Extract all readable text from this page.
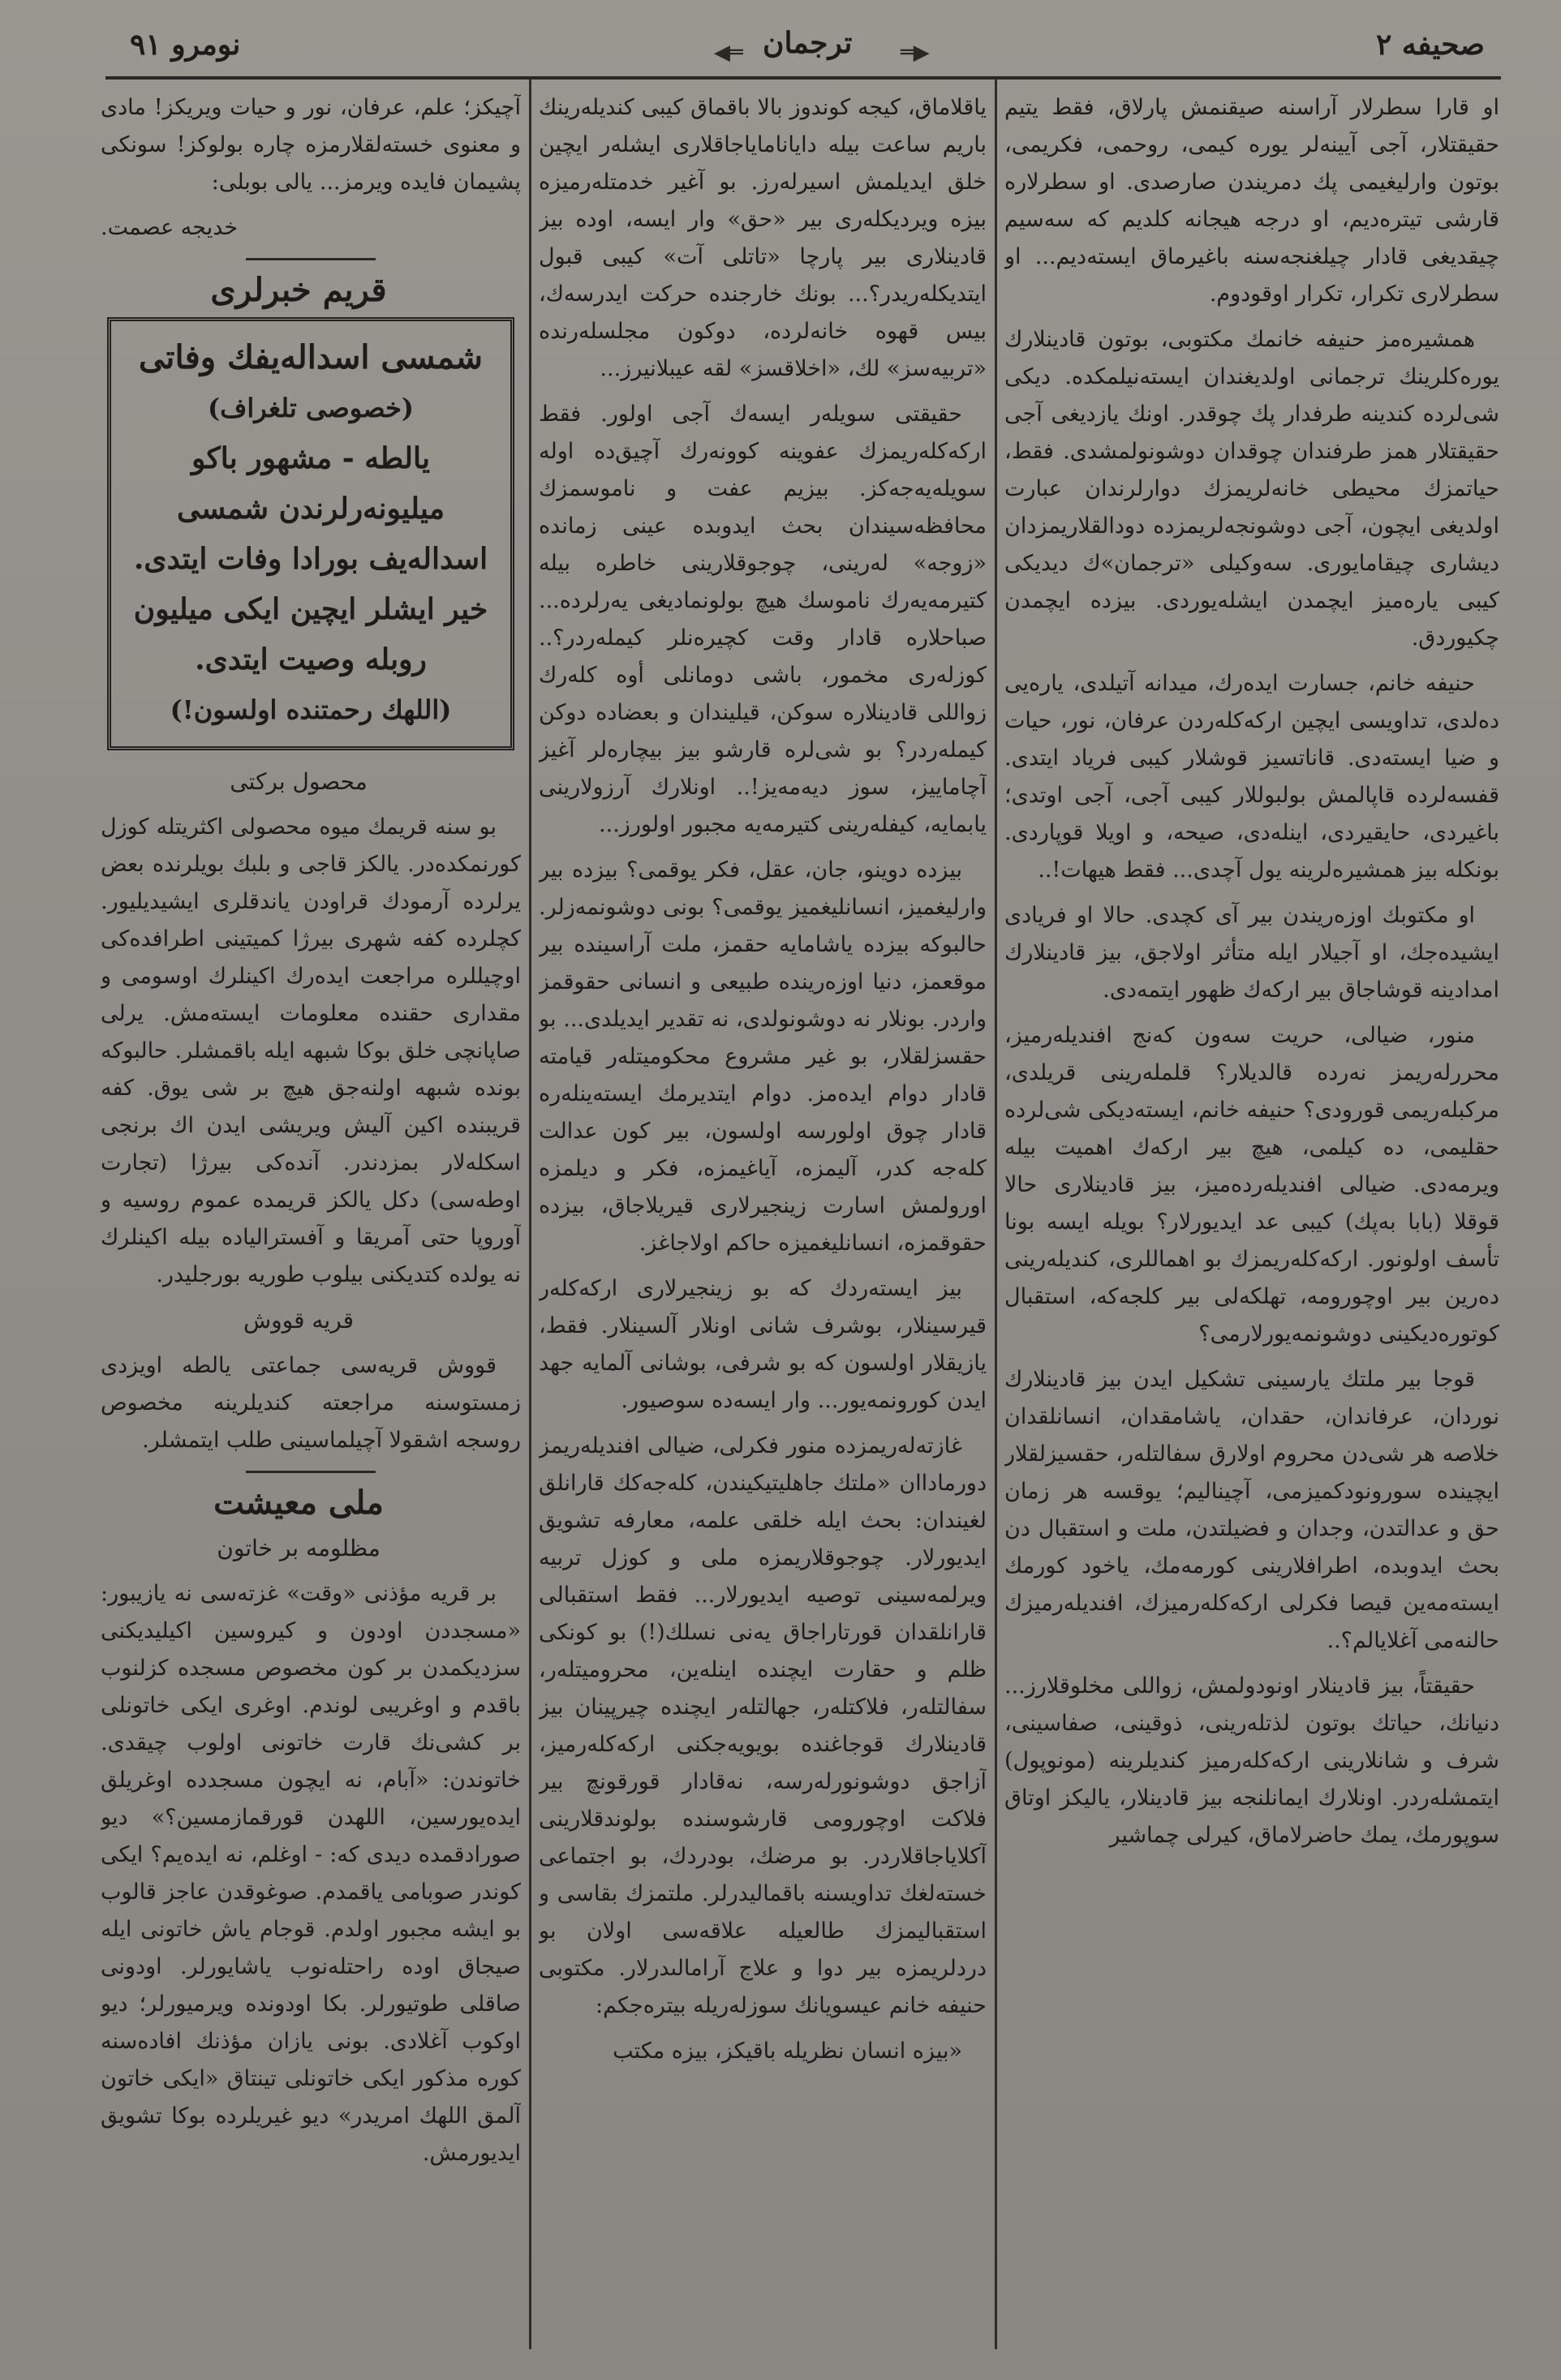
نومرو ٩١	◀═ ترجمان ═▶	صحيفه ٢

او قارا سطرلار آراسنه صيقنمش پارلاق، فقط يتيم حقيقتلار، آجى آيينه‌لر يوره كيمى، روحمى، فكريمى، بوتون وارليغيمى پك دمريندن صارصدى. او سطرلاره قارشى تيترەديم، او درجه هيجانه كلديم كه سه‌سيم چيقديغى قادار چيلغنجه‌سنه باغيرماق ايسته‌ديم... او سطرلارى تكرار، تكرار اوقودوم.

همشيره‌مز حنيفه خانمك مكتوبى، بوتون قادينلارك يوره‌كلرينك ترجمانى اولديغندان ايسته‌نيلمكده. ديكى شى‌لرده كندينه طرفدار پك چوقدر. اونك يازديغى آجى حقيقتلار همز طرفندان چوقدان دوشونولمشدى. فقط، حياتمزك محيطى خانه‌لريمزك دوارلرندان عبارت اولديغى ايچون، آجى دوشونجه‌لريمزده دودالقلاريمزدان ديشارى چيقامايورى. سه‌وكيلى «ترجمان»ك ديديكى كيبى يارەميز ايچمدن ايشله‌يوردى. بيزده ايچمدن چكيوردق.

حنيفه خانم، جسارت ايده‌رك، ميدانه آتيلدى، يارەيى دەلدى، تداويسى ايچين اركه‌كله‌ردن عرفان، نور، حيات و ضيا ايسته‌دى. قاناتسيز قوشلار كيبى فرياد ايتدى. قفسه‌لرده قاپالمش بولبوللار كيبى آجى، آجى اوتدى؛ باغيردى، حايقيردى، اينله‌دى، صيحه، و اويلا قوپاردى. بونكله بيز همشيره‌لرينه يول آچدى... فقط هيهات!..

او مكتوبك اوزه‌ريندن بير آى كچدى. حالا او فريادى ايشيده‌جك، او آجيلار ايله متأثر اولاجق، بيز قادينلارك امدادينه قوشاجاق بير اركه‌ك ظهور ايتمه‌دى.

منور، ضيالى، حريت سه‌ون كه‌نج افنديله‌رميز، محررله‌ريمز نه‌رده قالديلار؟ قلمله‌رينى قريلدى، مركبله‌ريمى قورودى؟ حنيفه خانم، ايسته‌ديكى شى‌لرده حقليمى، ده كيلمى، هيچ بير اركه‌ك اهميت بيله ويرمه‌دى. ضيالى افنديله‌رده‌ميز، بيز قادينلارى حالا قوقلا (بابا به‌پك) كيبى عد ايديورلار؟ بويله ايسه بونا تأسف اولونور. اركه‌كله‌ريمزك بو اهماللرى، كنديله‌رينى ده‌رين بير اوچورومه، تهلكه‌لى بير كلجه‌كه، استقبال كوتوره‌ديكينى دوشونمه‌يورلارمى؟

قوجا بير ملتك يارسينى تشكيل ايدن بيز قادينلارك نوردان، عرفاندان، حقدان، ياشامقدان، انسانلقدان خلاصه هر شى‌دن محروم اولارق سفالتله‌ر، حقسيزلقلار ايچينده سورونودكميزمى، آچيناليم؛ يوقسه هر زمان حق و عدالتدن، وجدان و فضيلتدن، ملت و استقبال دن بحث ايدوبده، اطرافلارينى كورمه‌مك، ياخود كورمك ايسته‌مه‌ين قيصا فكرلى اركه‌كله‌رميزك، افنديله‌رميزك حالنه‌مى آغلايالم؟..

حقيقتاً، بيز قادينلار اونودولمش، زواللى مخلوقلارز... دنيانك، حياتك بوتون لذتله‌رينى، ذوقينى، صفاسينى، شرف و شانلارينى اركه‌كله‌رميز كنديلرينه (مونوپول) ايتمشله‌ردر. اونلارك ايمانلنجه بيز قادينلار، ياليكز اوتاق سوپورمك، يمك حاضرلاماق، كيرلى چماشير

ياقلاماق، كيجه كوندوز بالا باقماق كيبى كنديله‌رينك باريم ساعت بيله داياناماياجاقلارى ايشله‌ر ايچين خلق ايديلمش اسيرله‌رز. بو آغير خدمتله‌رميزه بيزه ويرديكله‌رى بير «حق» وار ايسه، اوده بيز قادينلارى بير پارچا «تاتلى آت» كيبى قبول ايتديكله‌ريدر؟... بونك خارجنده حركت ايدرسه‌ك، بيس قهوه خانه‌لرده، دوكون مجلسله‌رنده «تربيه‌سز» لك، «اخلاقسز» لقه عيبلانيرز...

حقيقتى سويله‌ر ايسه‌ك آجى اولور. فقط اركه‌كله‌ريمزك عفوينه كوونه‌رك آچيق‌ده اوله سويله‌يه‌جه‌كز. بيزيم عفت و ناموسمزك محافظه‌سيندان بحث ايدوبده عينى زمانده «زوجه» له‌رينى، چوجوقلارينى خاطره بيله كتيرمه‌يه‌رك ناموسك هيچ بولونماديغى يه‌رلرده... صباحلاره قادار وقت كچيره‌نلر كيمله‌ردر؟.. كوزله‌رى مخمور، باشى دومانلى أوه كله‌رك زواللى قادينلاره سوكن، قيليندان و بعضاده دوكن كيمله‌ردر؟ بو شى‌لره قارشو بيز بيچاره‌لر آغيز آچاماييز، سوز ديه‌مه‌يز!.. اونلارك آرزولارينى يابمايه، كيفله‌رينى كتيرمه‌يه مجبور اولورز...

بيزده دوينو، جان، عقل، فكر يوقمى؟ بيزده بير وارليغميز، انسانليغميز يوقمى؟ بونى دوشونمه‌زلر. حالبوكه بيزده ياشامايه حقمز، ملت آراسينده بير موقعمز، دنيا اوزه‌رينده طبيعى و انسانى حقوقمز واردر. بونلار نه دوشونولدى، نه تقدير ايديلدى... بو حقسزلقلار، بو غير مشروع محكوميتله‌ر قيامته قادار دوام ايده‌مز. دوام ايتديرمك ايسته‌ينله‌ره قادار چوق اولورسه اولسون، بير كون عدالت كله‌جه كدر، آليمزه، آياغيمزه، فكر و ديلمزه اورولمش اسارت زينجيرلارى قيريلاجاق، بيزده حقوقمزه، انسانليغميزه حاكم اولاجاغز.

بيز ايسته‌ردك كه بو زينجيرلارى اركه‌كله‌ر قيرسينلار، بوشرف شانى اونلار آلسينلار. فقط، يازيقلار اولسون كه بو شرفى، بوشانى آلمايه جهد ايدن كورونمه‌يور... وار ايسه‌ده سوصيور.

غازته‌له‌ريمزده منور فكرلى، ضيالى افنديله‌ريمز دورماداان «ملتك جاهليتيكيندن، كله‌جه‌كك قارانلق لغيندان: بحث ايله خلقى علمه، معارفه تشويق ايديورلار. چوجوقلاريمزه ملى و كوزل تربيه ويرلمه‌سينى توصيه ايديورلار... فقط استقبالى قارانلقدان قورتاراجاق يه‌نى نسلك(!) بو كونكى ظلم و حقارت ايچنده اينله‌ين، محروميتله‌ر، سفالتله‌ر، فلاكتله‌ر، جهالتله‌ر ايچنده چيرپينان بيز قادينلارك قوجاغنده بويويه‌جكنى اركه‌كله‌رميز، آزاجق دوشونورله‌رسه، نه‌قادار قورقونچ بير فلاكت اوچورومى قارشوسنده بولوندقلارينى آكلاياجاقلاردر. بو مرضك، بودردك، بو اجتماعى خسته‌لغك تداويسنه باقماليدرلر. ملتمزك بقاسى و استقباليمزك طالعيله علاقه‌سى اولان بو دردلريمزه بير دوا و علاج آرامالىدرلار. مكتوبى حنيفه خانم عيسويانك سوزله‌ريله بيتره‌جكم:

«بيزه انسان نظريله باقيكز، بيزه مكتب

آچيكز؛ علم، عرفان، نور و حيات ويريكز! مادى و معنوى خسته‌لقلارمزه چاره بولوكز! سونكى پشيمان فايده ويرمز... يالى بوبلى:

خديجه عصمت.

قريم خبرلرى

شمسى اسداله‌يفك وفاتى
(خصوصى تلغراف)
يالطه - مشهور باكو ميليونه‌رلرندن شمسى اسداله‌يف بورادا وفات ايتدى. خير ايشلر ايچين ايكى ميليون روبله وصيت ايتدى.
(اللهك رحمتنده اولسون!)

محصول بركتى

بو سنه قريمك ميوه محصولى اكثريتله كوزل كورنمكده‌در. يالكز قاجى و بلبك بويلرنده بعض يرلرده آرمودك قراودن ياندقلرى ايشيديليور. كچلرده كفه شهرى بيرژا كميتينى اطرافده‌كى اوچيللره مراجعت ايده‌رك اكينلرك اوسومى و مقدارى حقنده معلومات ايسته‌مش. يرلى صاپانچى خلق بوكا شبهه ايله باقمشلر. حالبوكه بونده شبهه اولنه‌جق هيچ بر شى يوق. كفه قريبنده اكين آليش ويريشى ايدن اك برنجى اسكله‌لار بمزدندر. آنده‌كى بيرژا (تجارت اوطه‌سى) دكل يالكز قريمده عموم روسيه و آوروپا حتى آمريقا و آفستراليادە بيله اكينلرك نه يولده كتديكنى بيلوب طوريه بورجليدر.

قريه قووش

قووش قريه‌سى جماعتى يالطه اويزدى زمستوسنه مراجعته كنديلرينه مخصوص روسجه اشقولا آچيلماسينى طلب ايتمشلر.

ملى معيشت

مظلومه بر خاتون

بر قريه مؤذنى «وقت» غزته‌سى نه يازيبور: «مسجددن اودون و كيروسين اكيليديكنى سزديكمدن بر كون مخصوص مسجده كزلنوب باقدم و اوغريبى لوندم. اوغرى ايكى خاتونلى بر كشى‌نك قارت خاتونى اولوب چيقدى. خاتوندن: «آبام، نه ايچون مسجدده اوغريلق ايده‌يورسين، اللهدن قورقمازمسين؟» ديو صورادقمده ديدى كه: - اوغلم، نه ايدەيم؟ ايكى كوندر صوبامى ياقمدم. صوغوقدن عاجز قالوب بو ايشه مجبور اولدم. قوجام ياش خاتونى ايله صيجاق اوده راحتله‌نوب ياشايورلر. اودونى صاقلى طوتيورلر. بكا اودونده ويرميورلر؛ ديو اوكوب آغلادى. بونى يازان مؤذنك افاده‌سنه كوره مذكور ايكى خاتونلى تينتاق «ايكى خاتون آلمق اللهك امريدر» ديو غيريلرده بوكا تشويق ايديورمش.
